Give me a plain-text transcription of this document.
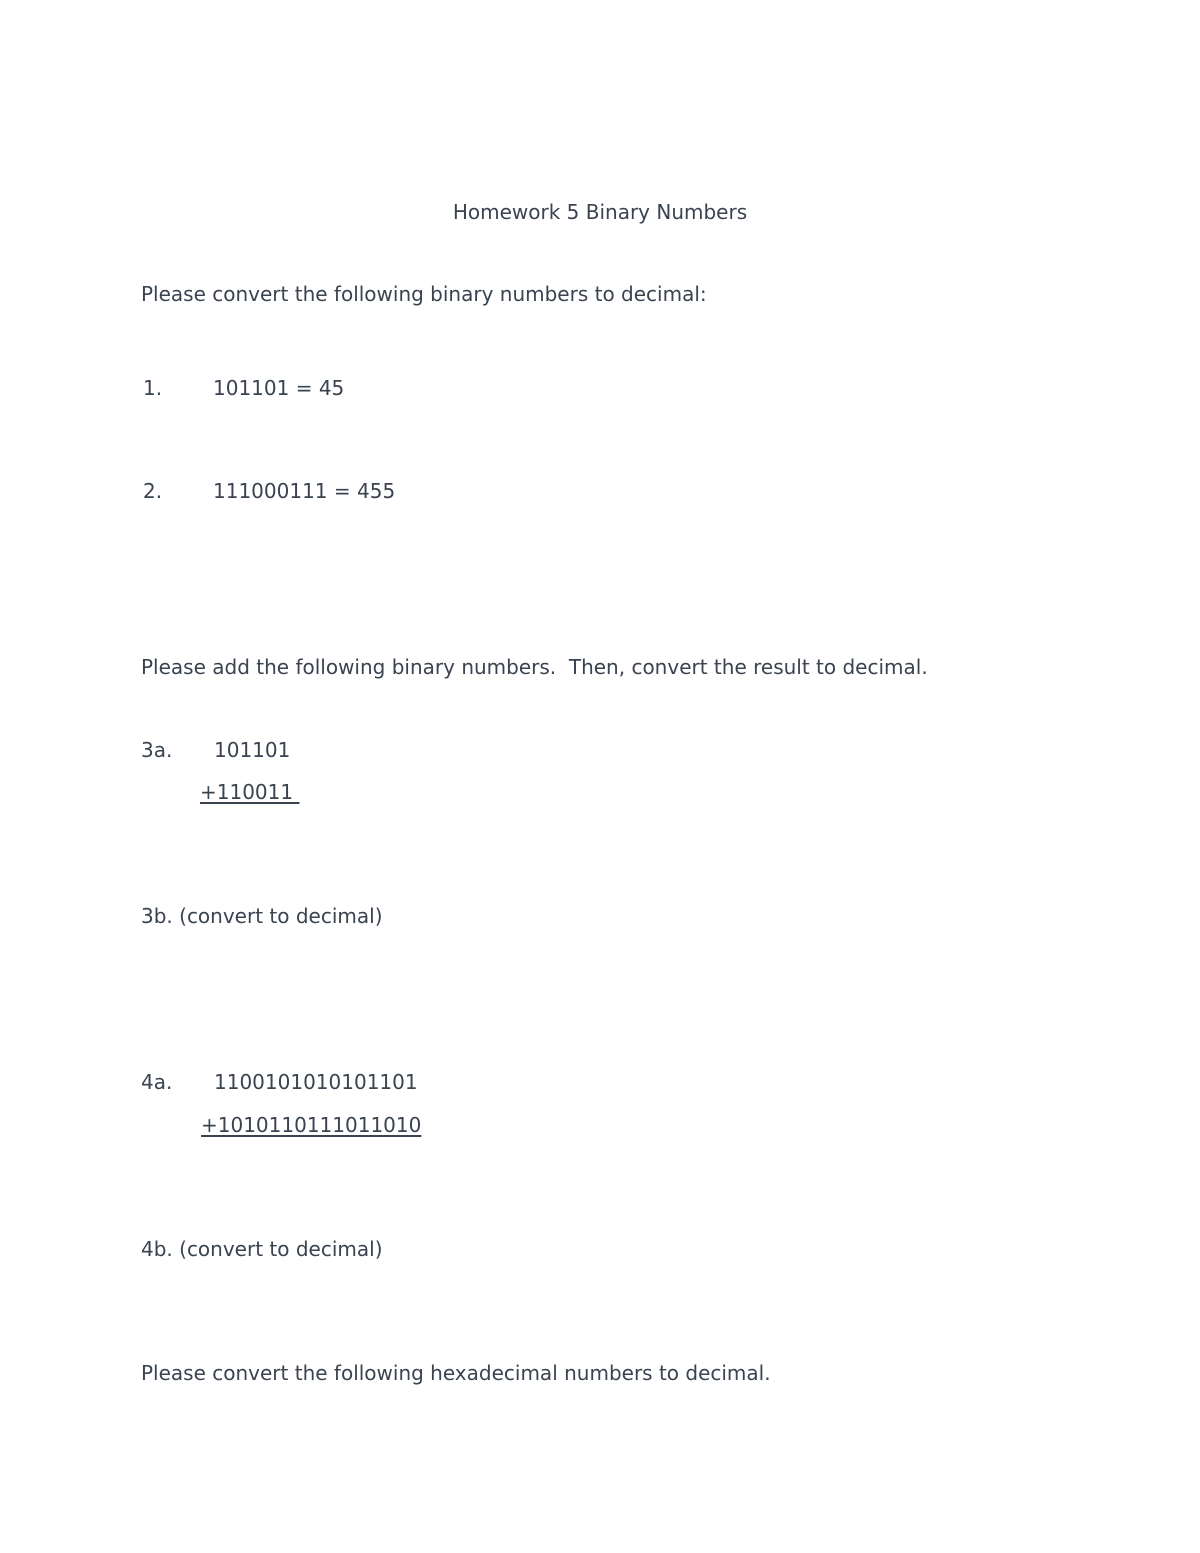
Homework 5 Binary Numbers

Please convert the following binary numbers to decimal:

1.	101101 = 45

2.	111000111 = 455

Please add the following binary numbers.  Then, convert the result to decimal.

3a. 101101

+110011

3b. (convert to decimal)

4a. 1100101010101101

+1010110111011010

4b. (convert to decimal)

Please convert the following hexadecimal numbers to decimal.
